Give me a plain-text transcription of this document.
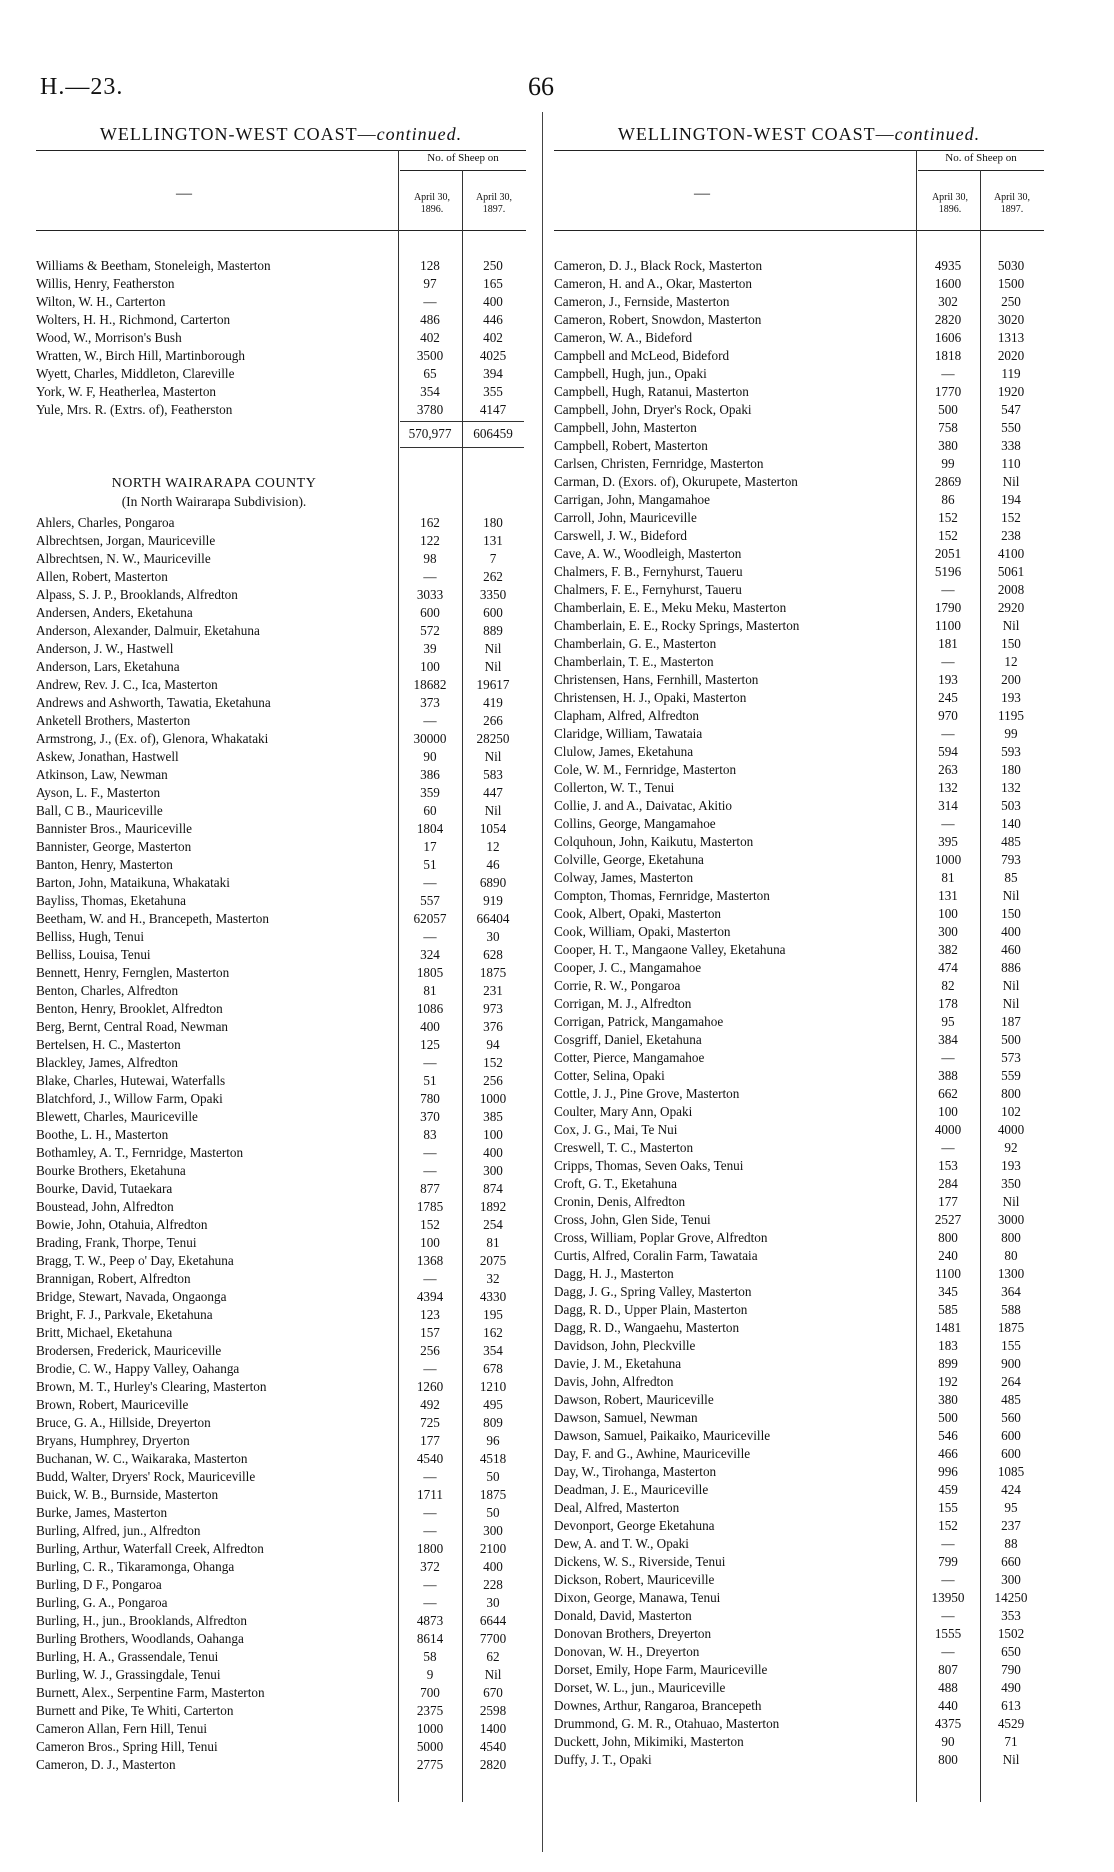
H.—23.	66
WELLINGTON-WEST COAST—continued.
—
No. of Sheep on
April 30,
1896.
April 30,
1897.
Williams & Beetham, Stoneleigh, Masterton	128	250
Willis, Henry, Featherston	97	165
Wilton, W. H., Carterton	—	400
Wolters, H. H., Richmond, Carterton	486	446
Wood, W., Morrison's Bush	402	402
Wratten, W., Birch Hill, Martinborough	3500	4025
Wyett, Charles, Middleton, Clareville	65	394
York, W. F, Heatherlea, Masterton	354	355
Yule, Mrs. R. (Extrs. of), Featherston	3780	4147
570,977	606459
NORTH WAIRARAPA COUNTY
(In North Wairarapa Subdivision).
Ahlers, Charles, Pongaroa	162	180
Albrechtsen, Jorgan, Mauriceville	122	131
Albrechtsen, N. W., Mauriceville	98	7
Allen, Robert, Masterton	—	262
Alpass, S. J. P., Brooklands, Alfredton	3033	3350
Andersen, Anders, Eketahuna	600	600
Anderson, Alexander, Dalmuir, Eketahuna	572	889
Anderson, J. W., Hastwell	39	Nil
Anderson, Lars, Eketahuna	100	Nil
Andrew, Rev. J. C., Ica, Masterton	18682	19617
Andrews and Ashworth, Tawatia, Eketahuna	373	419
Anketell Brothers, Masterton	—	266
Armstrong, J., (Ex. of), Glenora, Whakataki	30000	28250
Askew, Jonathan, Hastwell	90	Nil
Atkinson, Law, Newman	386	583
Ayson, L. F., Masterton	359	447
Ball, C B., Mauriceville	60	Nil
Bannister Bros., Mauriceville	1804	1054
Bannister, George, Masterton	17	12
Banton, Henry, Masterton	51	46
Barton, John, Mataikuna, Whakataki	—	6890
Bayliss, Thomas, Eketahuna	557	919
Beetham, W. and H., Brancepeth, Masterton	62057	66404
Belliss, Hugh, Tenui	—	30
Belliss, Louisa, Tenui	324	628
Bennett, Henry, Fernglen, Masterton	1805	1875
Benton, Charles, Alfredton	81	231
Benton, Henry, Brooklet, Alfredton	1086	973
Berg, Bernt, Central Road, Newman	400	376
Bertelsen, H. C., Masterton	125	94
Blackley, James, Alfredton	—	152
Blake, Charles, Hutewai, Waterfalls	51	256
Blatchford, J., Willow Farm, Opaki	780	1000
Blewett, Charles, Mauriceville	370	385
Boothe, L. H., Masterton	83	100
Bothamley, A. T., Fernridge, Masterton	—	400
Bourke Brothers, Eketahuna	—	300
Bourke, David, Tutaekara	877	874
Boustead, John, Alfredton	1785	1892
Bowie, John, Otahuia, Alfredton	152	254
Brading, Frank, Thorpe, Tenui	100	81
Bragg, T. W., Peep o' Day, Eketahuna	1368	2075
Brannigan, Robert, Alfredton	—	32
Bridge, Stewart, Navada, Ongaonga	4394	4330
Bright, F. J., Parkvale, Eketahuna	123	195
Britt, Michael, Eketahuna	157	162
Brodersen, Frederick, Mauriceville	256	354
Brodie, C. W., Happy Valley, Oahanga	—	678
Brown, M. T., Hurley's Clearing, Masterton	1260	1210
Brown, Robert, Mauriceville	492	495
Bruce, G. A., Hillside, Dreyerton	725	809
Bryans, Humphrey, Dryerton	177	96
Buchanan, W. C., Waikaraka, Masterton	4540	4518
Budd, Walter, Dryers' Rock, Mauriceville	—	50
Buick, W. B., Burnside, Masterton	1711	1875
Burke, James, Masterton	—	50
Burling, Alfred, jun., Alfredton	—	300
Burling, Arthur, Waterfall Creek, Alfredton	1800	2100
Burling, C. R., Tikaramonga, Ohanga	372	400
Burling, D F., Pongaroa	—	228
Burling, G. A., Pongaroa	—	30
Burling, H., jun., Brooklands, Alfredton	4873	6644
Burling Brothers, Woodlands, Oahanga	8614	7700
Burling, H. A., Grassendale, Tenui	58	62
Burling, W. J., Grassingdale, Tenui	9	Nil
Burnett, Alex., Serpentine Farm, Masterton	700	670
Burnett and Pike, Te Whiti, Carterton	2375	2598
Cameron Allan, Fern Hill, Tenui	1000	1400
Cameron Bros., Spring Hill, Tenui	5000	4540
Cameron, D. J., Masterton	2775	2820
WELLINGTON-WEST COAST—continued.
—
No. of Sheep on
April 30,
1896.
April 30,
1897.
Cameron, D. J., Black Rock, Masterton	4935	5030
Cameron, H. and A., Okar, Masterton	1600	1500
Cameron, J., Fernside, Masterton	302	250
Cameron, Robert, Snowdon, Masterton	2820	3020
Cameron, W. A., Bideford	1606	1313
Campbell and McLeod, Bideford	1818	2020
Campbell, Hugh, jun., Opaki	—	119
Campbell, Hugh, Ratanui, Masterton	1770	1920
Campbell, John, Dryer's Rock, Opaki	500	547
Campbell, John, Masterton	758	550
Campbell, Robert, Masterton	380	338
Carlsen, Christen, Fernridge, Masterton	99	110
Carman, D. (Exors. of), Okurupete, Masterton	2869	Nil
Carrigan, John, Mangamahoe	86	194
Carroll, John, Mauriceville	152	152
Carswell, J. W., Bideford	152	238
Cave, A. W., Woodleigh, Masterton	2051	4100
Chalmers, F. B., Fernyhurst, Taueru	5196	5061
Chalmers, F. E., Fernyhurst, Taueru	—	2008
Chamberlain, E. E., Meku Meku, Masterton	1790	2920
Chamberlain, E. E., Rocky Springs, Masterton	1100	Nil
Chamberlain, G. E., Masterton	181	150
Chamberlain, T. E., Masterton	—	12
Christensen, Hans, Fernhill, Masterton	193	200
Christensen, H. J., Opaki, Masterton	245	193
Clapham, Alfred, Alfredton	970	1195
Claridge, William, Tawataia	—	99
Clulow, James, Eketahuna	594	593
Cole, W. M., Fernridge, Masterton	263	180
Collerton, W. T., Tenui	132	132
Collie, J. and A., Daivatac, Akitio	314	503
Collins, George, Mangamahoe	—	140
Colquhoun, John, Kaikutu, Masterton	395	485
Colville, George, Eketahuna	1000	793
Colway, James, Masterton	81	85
Compton, Thomas, Fernridge, Masterton	131	Nil
Cook, Albert, Opaki, Masterton	100	150
Cook, William, Opaki, Masterton	300	400
Cooper, H. T., Mangaone Valley, Eketahuna	382	460
Cooper, J. C., Mangamahoe	474	886
Corrie, R. W., Pongaroa	82	Nil
Corrigan, M. J., Alfredton	178	Nil
Corrigan, Patrick, Mangamahoe	95	187
Cosgriff, Daniel, Eketahuna	384	500
Cotter, Pierce, Mangamahoe	—	573
Cotter, Selina, Opaki	388	559
Cottle, J. J., Pine Grove, Masterton	662	800
Coulter, Mary Ann, Opaki	100	102
Cox, J. G., Mai, Te Nui	4000	4000
Creswell, T. C., Masterton	—	92
Cripps, Thomas, Seven Oaks, Tenui	153	193
Croft, G. T., Eketahuna	284	350
Cronin, Denis, Alfredton	177	Nil
Cross, John, Glen Side, Tenui	2527	3000
Cross, William, Poplar Grove, Alfredton	800	800
Curtis, Alfred, Coralin Farm, Tawataia	240	80
Dagg, H. J., Masterton	1100	1300
Dagg, J. G., Spring Valley, Masterton	345	364
Dagg, R. D., Upper Plain, Masterton	585	588
Dagg, R. D., Wangaehu, Masterton	1481	1875
Davidson, John, Pleckville	183	155
Davie, J. M., Eketahuna	899	900
Davis, John, Alfredton	192	264
Dawson, Robert, Mauriceville	380	485
Dawson, Samuel, Newman	500	560
Dawson, Samuel, Paikaiko, Mauriceville	546	600
Day, F. and G., Awhine, Mauriceville	466	600
Day, W., Tirohanga, Masterton	996	1085
Deadman, J. E., Mauriceville	459	424
Deal, Alfred, Masterton	155	95
Devonport, George Eketahuna	152	237
Dew, A. and T. W., Opaki	—	88
Dickens, W. S., Riverside, Tenui	799	660
Dickson, Robert, Mauriceville	—	300
Dixon, George, Manawa, Tenui	13950	14250
Donald, David, Masterton	—	353
Donovan Brothers, Dreyerton	1555	1502
Donovan, W. H., Dreyerton	—	650
Dorset, Emily, Hope Farm, Mauriceville	807	790
Dorset, W. L., jun., Mauriceville	488	490
Downes, Arthur, Rangaroa, Brancepeth	440	613
Drummond, G. M. R., Otahuao, Masterton	4375	4529
Duckett, John, Mikimiki, Masterton	90	71
Duffy, J. T., Opaki	800	Nil
